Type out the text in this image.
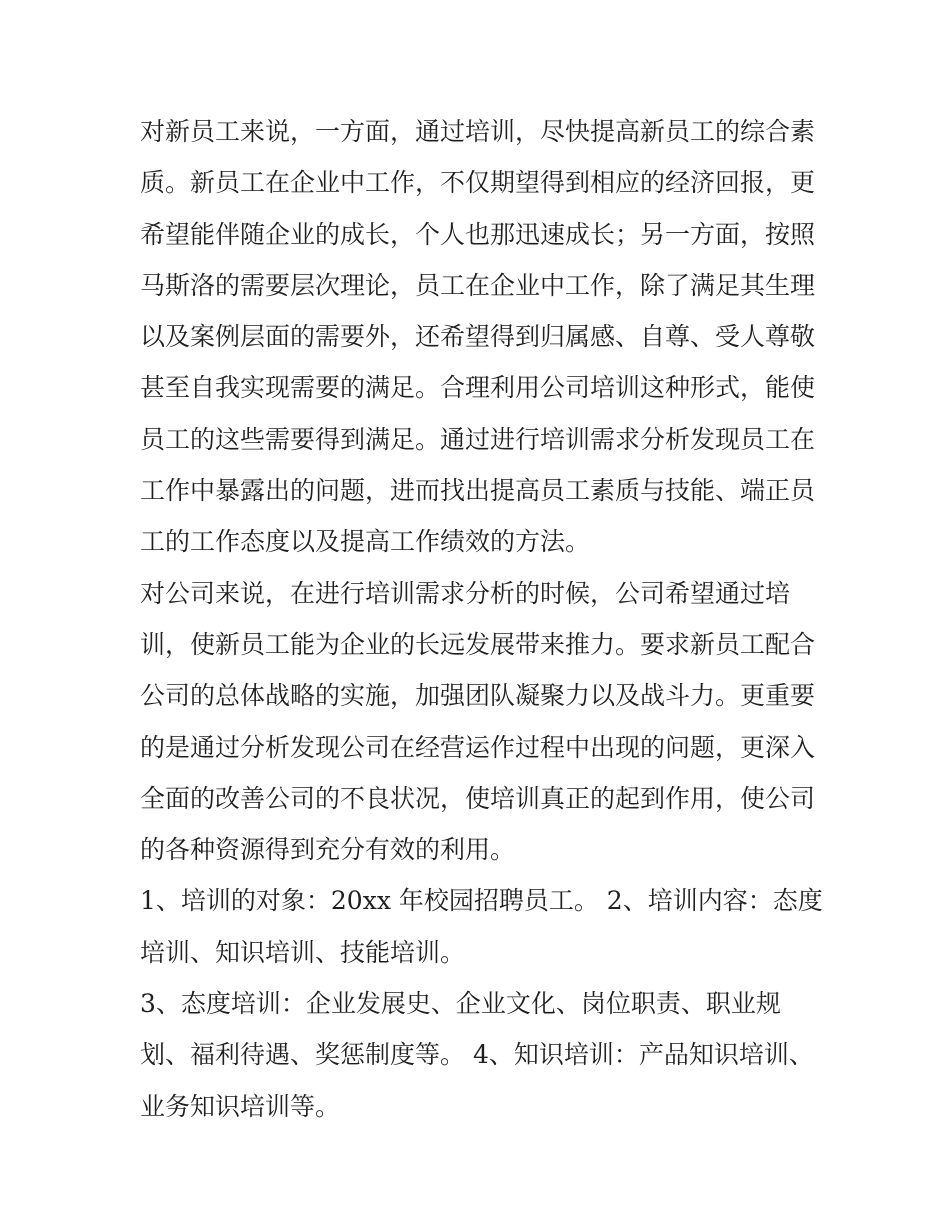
对新员工来说，一方面，通过培训，尽快提高新员工的综合素
质。新员工在企业中工作，不仅期望得到相应的经济回报，更
希望能伴随企业的成长，个人也那迅速成长；另一方面，按照
马斯洛的需要层次理论，员工在企业中工作，除了满足其生理
以及案例层面的需要外，还希望得到归属感、自尊、受人尊敬
甚至自我实现需要的满足。合理利用公司培训这种形式，能使
员工的这些需要得到满足。通过进行培训需求分析发现员工在
工作中暴露出的问题，进而找出提高员工素质与技能、端正员
工的工作态度以及提高工作绩效的方法。
对公司来说，在进行培训需求分析的时候，公司希望通过培
训，使新员工能为企业的长远发展带来推力。要求新员工配合
公司的总体战略的实施，加强团队凝聚力以及战斗力。更重要
的是通过分析发现公司在经营运作过程中出现的问题，更深入
全面的改善公司的不良状况，使培训真正的起到作用，使公司
的各种资源得到充分有效的利用。
1、培训的对象：20xx 年校园招聘员工。 2、培训内容：态度
培训、知识培训、技能培训。
3、态度培训：企业发展史、企业文化、岗位职责、职业规
划、福利待遇、奖惩制度等。 4、知识培训：产品知识培训、
业务知识培训等。
